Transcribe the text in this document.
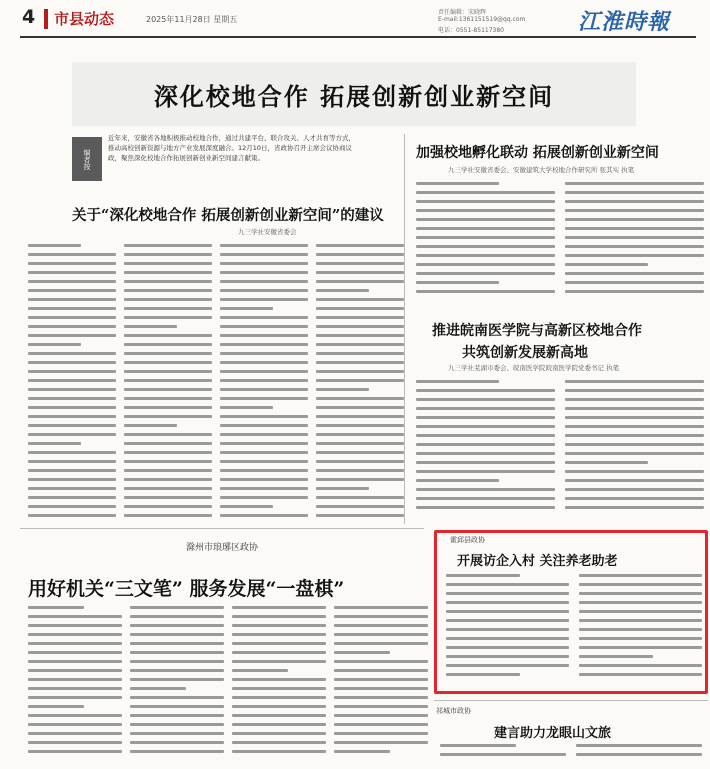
4 市县动态	2025年11月28日 星期五
责任编辑：宋晓辉
E-mail:1361151519@qq.com
电话：0551-85117380	江淮時報
深化校地合作 拓展创新创业新空间
编者按
近年来，安徽省各地积极推动校地合作，通过共建平台、联合攻关、人才共育等方式，推动高校创新资源与地方产业发展深度融合。12月10日，省政协召开主席会议协商议政，聚焦深化校地合作拓展创新创业新空间建言献策。
关于“深化校地合作 拓展创新创业新空间”的建议
九三学社安徽省委会
加强校地孵化联动 拓展创新创业新空间
九三学社安徽省委会、安徽建筑大学校地合作研究所 张其实 执笔
推进皖南医学院与高新区校地合作
共筑创新发展新高地
九三学社芜湖市委会、皖南医学院皖南医学院党委书记 执笔
滁州市琅琊区政协
用好机关“三文笔” 服务发展“一盘棋”
霍邱县政协
开展访企入村 关注养老助老
祁城市政协
建言助力龙眼山文旅
